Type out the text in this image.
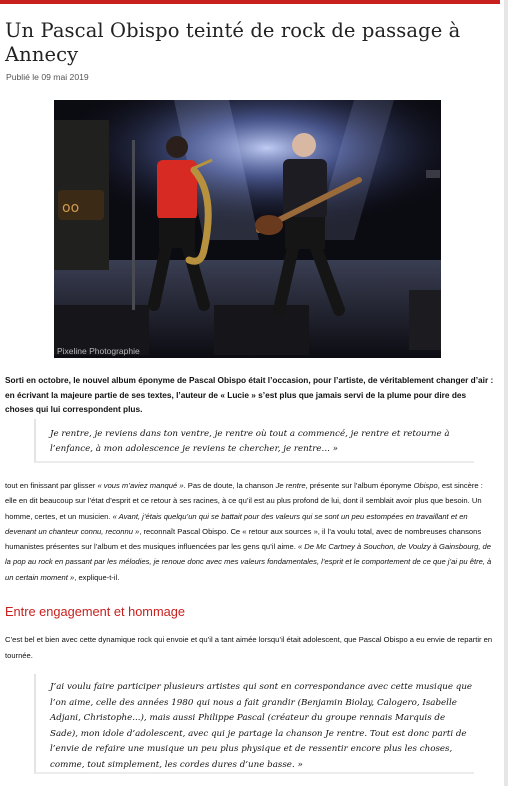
Un Pascal Obispo teinté de rock de passage à Annecy
Publié le 09 mai 2019
oo
Pixeline Photographie

Sorti en octobre, le nouvel album éponyme de Pascal Obispo était l’occasion, pour l’artiste, de véritablement changer d’air : en écrivant la majeure partie de ses textes, l’auteur de « Lucie » s’est plus que jamais servi de la plume pour dire des choses qui lui correspondent plus.

Je rentre, je reviens dans ton ventre, je rentre où tout a commencé, je rentre et retourne à l’enfance, à mon adolescence je reviens te chercher, je rentre... »

tout en finissant par glisser « vous m’aviez manqué ». Pas de doute, la chanson Je rentre, présente sur l’album éponyme Obispo, est sincère : elle en dit beaucoup sur l’état d’esprit et ce retour à ses racines, à ce qu’il est au plus profond de lui, dont il semblait avoir plus que besoin. Un homme, certes, et un musicien. « Avant, j’étais quelqu’un qui se battait pour des valeurs qui se sont un peu estompées en travaillant et en devenant un chanteur connu, reconnu », reconnaît Pascal Obispo. Ce « retour aux sources », il l’a voulu total, avec de nombreuses chansons humanistes présentes sur l’album et des musiques influencées par les gens qu’il aime. « De Mc Cartney à Souchon, de Voulzy à Gainsbourg, de la pop au rock en passant par les mélodies, je renoue donc avec mes valeurs fondamentales, l’esprit et le comportement de ce que j’ai pu être, à un certain moment », explique-t-il.

Entre engagement et hommage

C’est bel et bien avec cette dynamique rock qui envoie et qu’il a tant aimée lorsqu’il était adolescent, que Pascal Obispo a eu envie de repartir en tournée.

J’ai voulu faire participer plusieurs artistes qui sont en correspondance avec cette musique que l’on aime, celle des années 1980 qui nous a fait grandir (Benjamin Biolay, Calogero, Isabelle Adjani, Christophe...), mais aussi Philippe Pascal (créateur du groupe rennais Marquis de Sade), mon idole d’adolescent, avec qui je partage la chanson Je rentre. Tout est donc parti de l’envie de refaire une musique un peu plus physique et de ressentir encore plus les choses, comme, tout simplement, les cordes dures d’une basse. »
